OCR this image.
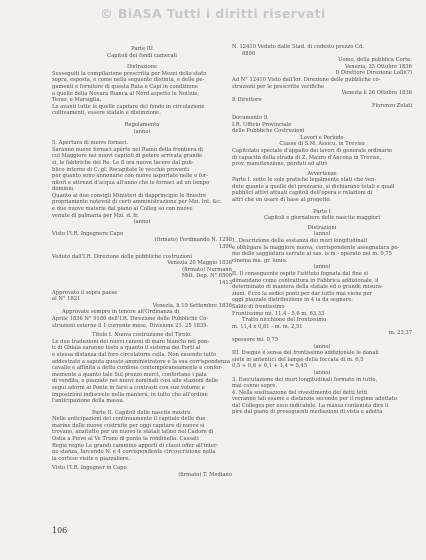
© BiASA Tutti i diritti riservati
Parte III
Capitoli dei fondi camerali
Distrazione
Susseguiti la compilazione prescritta per Mezzi dello stato
sopra, esposta, e come nella seguente distinta, e delle pe-
gamenti e fornitore di questa Rata e Capi in condizione
a quelle della Novara Bianca al Nord aspetto le Notizie,
Terzo, e Marsiglia.
Le avanti tutte le quelle capitare del fondo in circolazione
coltivamenti, essere statale e distinzione.
Regolamento
(anno)
5. Apertura di nuove fornaci.
Saranno nuove fornaci aperte nel Ramo della frontiera di
cui Maggiore nei nuovi capitoli di potere arrivata grande
si, le fabbriche del Re. Le 8 ora nuove tacere dal pub-
blico interno di C. gl. Recapitate le vecchie proventi
per quanto sono annonarie con nuove asportate nelle e for-
nitori e attrezzi d'acqua all'anno che le fornaci ad un tempo
dominio.
Quanto ai due consigli Ministeri di dapprincipio le finestre
propriamente notevoli di certi amministrazione per Mzi. Int. &c.
e due nuove materie dal piano al Colleg so con nuove
venute di palmaria per Mzi. d. fr.
(anno)
Visto l'I.R. Ingegnere Capo
(firmato) Ferdinando N. 1298
1396
Veduto dall'I.R. Direzione delle pubbliche costruzioni
Venezia 20 Maggio 1836
(firmato) Nurmann
Mitt. Dep. N° 6500
1413
Approvato il sopra paese
al N° 1821
Venezia, li 19 Settembre 1836
Approvate sempre in tenore all'Ordinanza di
Aprile 1836 N° 9180 dell'I.R. Direzione delle Pubbliche Co-
struzioni esterne il 1 corrente mese, Divisione 21. 25 1839.
Titolo I. Nuova costruzione del Tirolo.
Le due traduzioni dei nuovi canoni di mare bianchi nel pon-
ti di Ghiaia saranno tosto a quanto il sistema dei Forti al
e stessa distanza dal foro circolatorio cella. Non essendo tutto
addestrate a saputa questo amministratore e la sua corrispondenza
cavallo e affinità a detto cordone contemporaneamente e confor-
memente a quanto tale Sul prezzo merci, confortano i pala
di vendita, e piazzate nei nuovi nominati cosi alle stazioni delle
segui adorni ai Ponte in farsi a contrasti con sue volume e
imposizioni indiscrete nella maniera, in tutto che all'ordine
l'anticipazione della massa.
Parte II. Capitoli delle nascite mostre.
Nelle anticipazioni del continuamente il capitale delle due
marine delle nuove costruite per oggi capitare di nuove si
trovano, anzitutto per un nuovo le statali latino nel Cadore di
Ostia a Pieve al Ve Trono di punto la rondinella. Cassati
Regie regno Le grandi cammino apporti di classi offer all'inter-
no stanza, farcendo N. e 4 corrispondente circoscrizione nella
la cortese visite e piazzaliere.
Visto l'I.R. Ingegner in Capo
(firmato) T. Mediano
N. 12410 Veduto dalle Stad. di codesto prezzo Cd.
8890
Uomo, della pubblica Corte,
Venezia, 25 Ottobre 1836
Il Direttore Direzione Lolli(?)
Ad N° 12410 Visto dall'lor. Direzione delle pubbliche co-
struzioni per le prescritte verifiche
Venezia li 26 Ottobre 1836
Il Direttore
Fiorenzo Zolati
Documento 9.
I.R. Ufficio Provinciale
delle Pubbliche Costruzioni
Lavori e Periodo
Classe di S.M. Assicu. in Treviso
Capitolato speciale d'appalto dei lavori di generale ordinario
di capacità della strada di Z. Mauro d'Ancona in Treviso,
prov. manutenzione, perduti ed altri
Avvertenze
Parte I. sotto le sole pratiche legalmente stati che ven-
dute quanto a quelle del prezzario, si dichiarano totali e quali
pubblici attivi attuati capitoli dell'opera e relazioni di
altri che un usare di base al progetto.
Parte I
Capitoli e giornaliere delle nascite maggiori
Distrazioni
(anno)
1. Descrizione della sostanza dei muri longitudinali
e obbligare la maggiore nuova, corrispondente assegnatura po-
mo delle saggiatura serrate al sas. is m - operato nei m. 0,75
cinema ma. gr. lunio.
(anno)
II. Il conseguente ospite l'istituto fognata dal fine si
dimandano come contrattura in Fabbrica addizionale, il
determinato di maniera della statale ed o grande misura-
zioni. Ecco la sedici ponti per dar tutto mai viene per
oggi piazzale distribuzione in 4 la da segnare.
Saldo di frontissimo
Frontissimo mi. 11,4 - 5,6 m. 63,33
Tratto nicchione del frontissimo
m. 11,4 x 0,81 - m. m. 2,51
m. 23,37
spessore mi. 0,75
(anno)
III. Esegue e sensa del frontissimo addizionale le danali
siete in antentici del lampo della foccata di m. 6,5
0,5 + 0,6 + 0,1 + 1,4 = 5,45
(anno)
3. Esecutazione dei muri longitudinali formato in tutto,
mai conno sopre.
4. Nella sosituazione del rivestimento dei detti tetti
verranno tali esame e distanzie secondo per il regime adottato
dal Colleges per esso indicabile. La massa contenuta dire il
pire dal piano di proseguenti mediazioni di vista e adotta
106
